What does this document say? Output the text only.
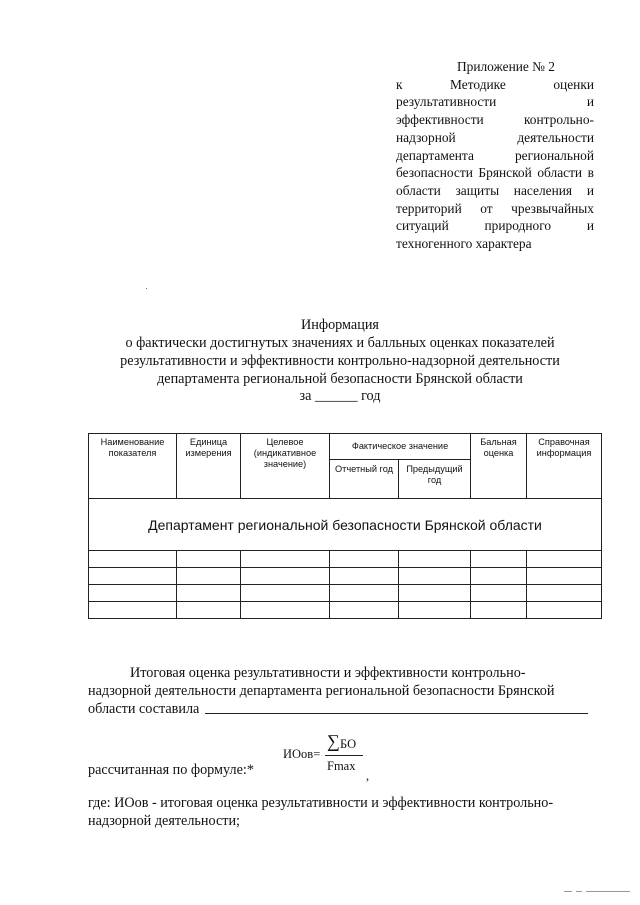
Приложение № 2
к Методике оценки результативности и эффективности контрольно-надзорной деятельности департамента региональной безопасности Брянской области в области защиты населения и территорий от чрезвычайных ситуаций природного и техногенного характера
Информация
о фактически достигнутых значениях и балльных оценках показателей
результативности и эффективности контрольно-надзорной деятельности
департамента региональной безопасности Брянской области
за ______ год
Наименование показателя	Единица измерения	Целевое (индикативное значение)	Фактическое значение		Бальная оценка	Справочная информация
			Отчетный год	Предыдущий год		
Департамент региональной безопасности Брянской области						

Итоговая оценка результативности и эффективности контрольно-
надзорной деятельности департамента региональной безопасности Брянской
области составила
ИОов=
∑ БО
Fmax
,
рассчитанная по формуле:*
где: ИОов - итоговая оценка результативности и эффективности контрольно-надзорной деятельности;
